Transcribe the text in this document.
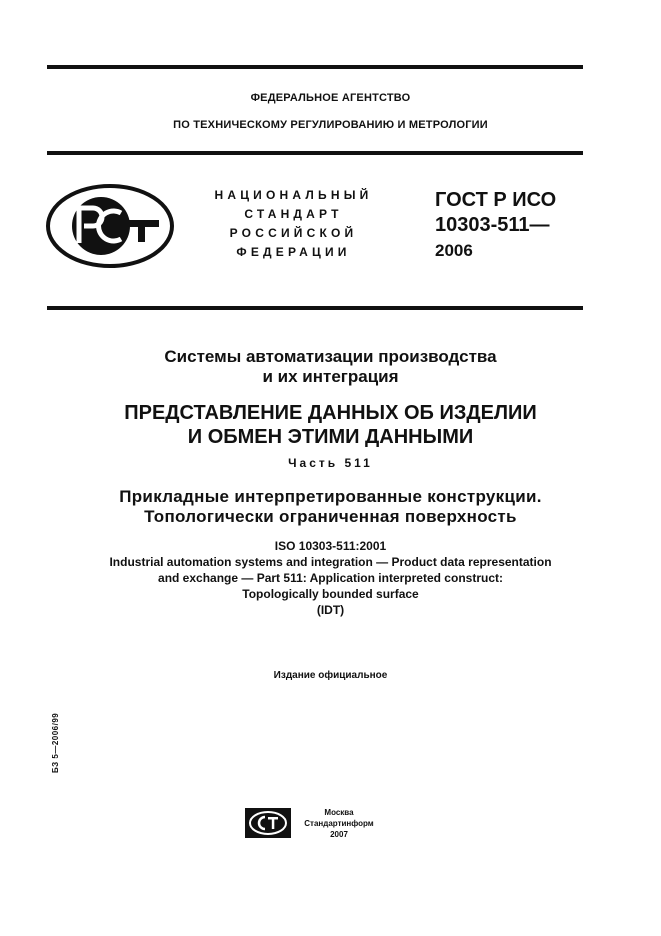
ФЕДЕРАЛЬНОЕ АГЕНТСТВО
ПО ТЕХНИЧЕСКОМУ РЕГУЛИРОВАНИЮ И МЕТРОЛОГИИ
НАЦИОНАЛЬНЫЙ
СТАНДАРТ
РОССИЙСКОЙ
ФЕДЕРАЦИИ
ГОСТ Р ИСО
10303-511—
2006
Системы автоматизации производства
и их интеграция
ПРЕДСТАВЛЕНИЕ ДАННЫХ ОБ ИЗДЕЛИИ
И ОБМЕН ЭТИМИ ДАННЫМИ
Часть 511
Прикладные интерпретированные конструкции.
Топологически ограниченная поверхность
ISO 10303-511:2001
Industrial automation systems and integration — Product data representation
and exchange — Part 511: Application interpreted construct:
Topologically bounded surface
(IDT)
Издание официальное
БЗ 5—2006/99
Москва
Стандартинформ
2007
